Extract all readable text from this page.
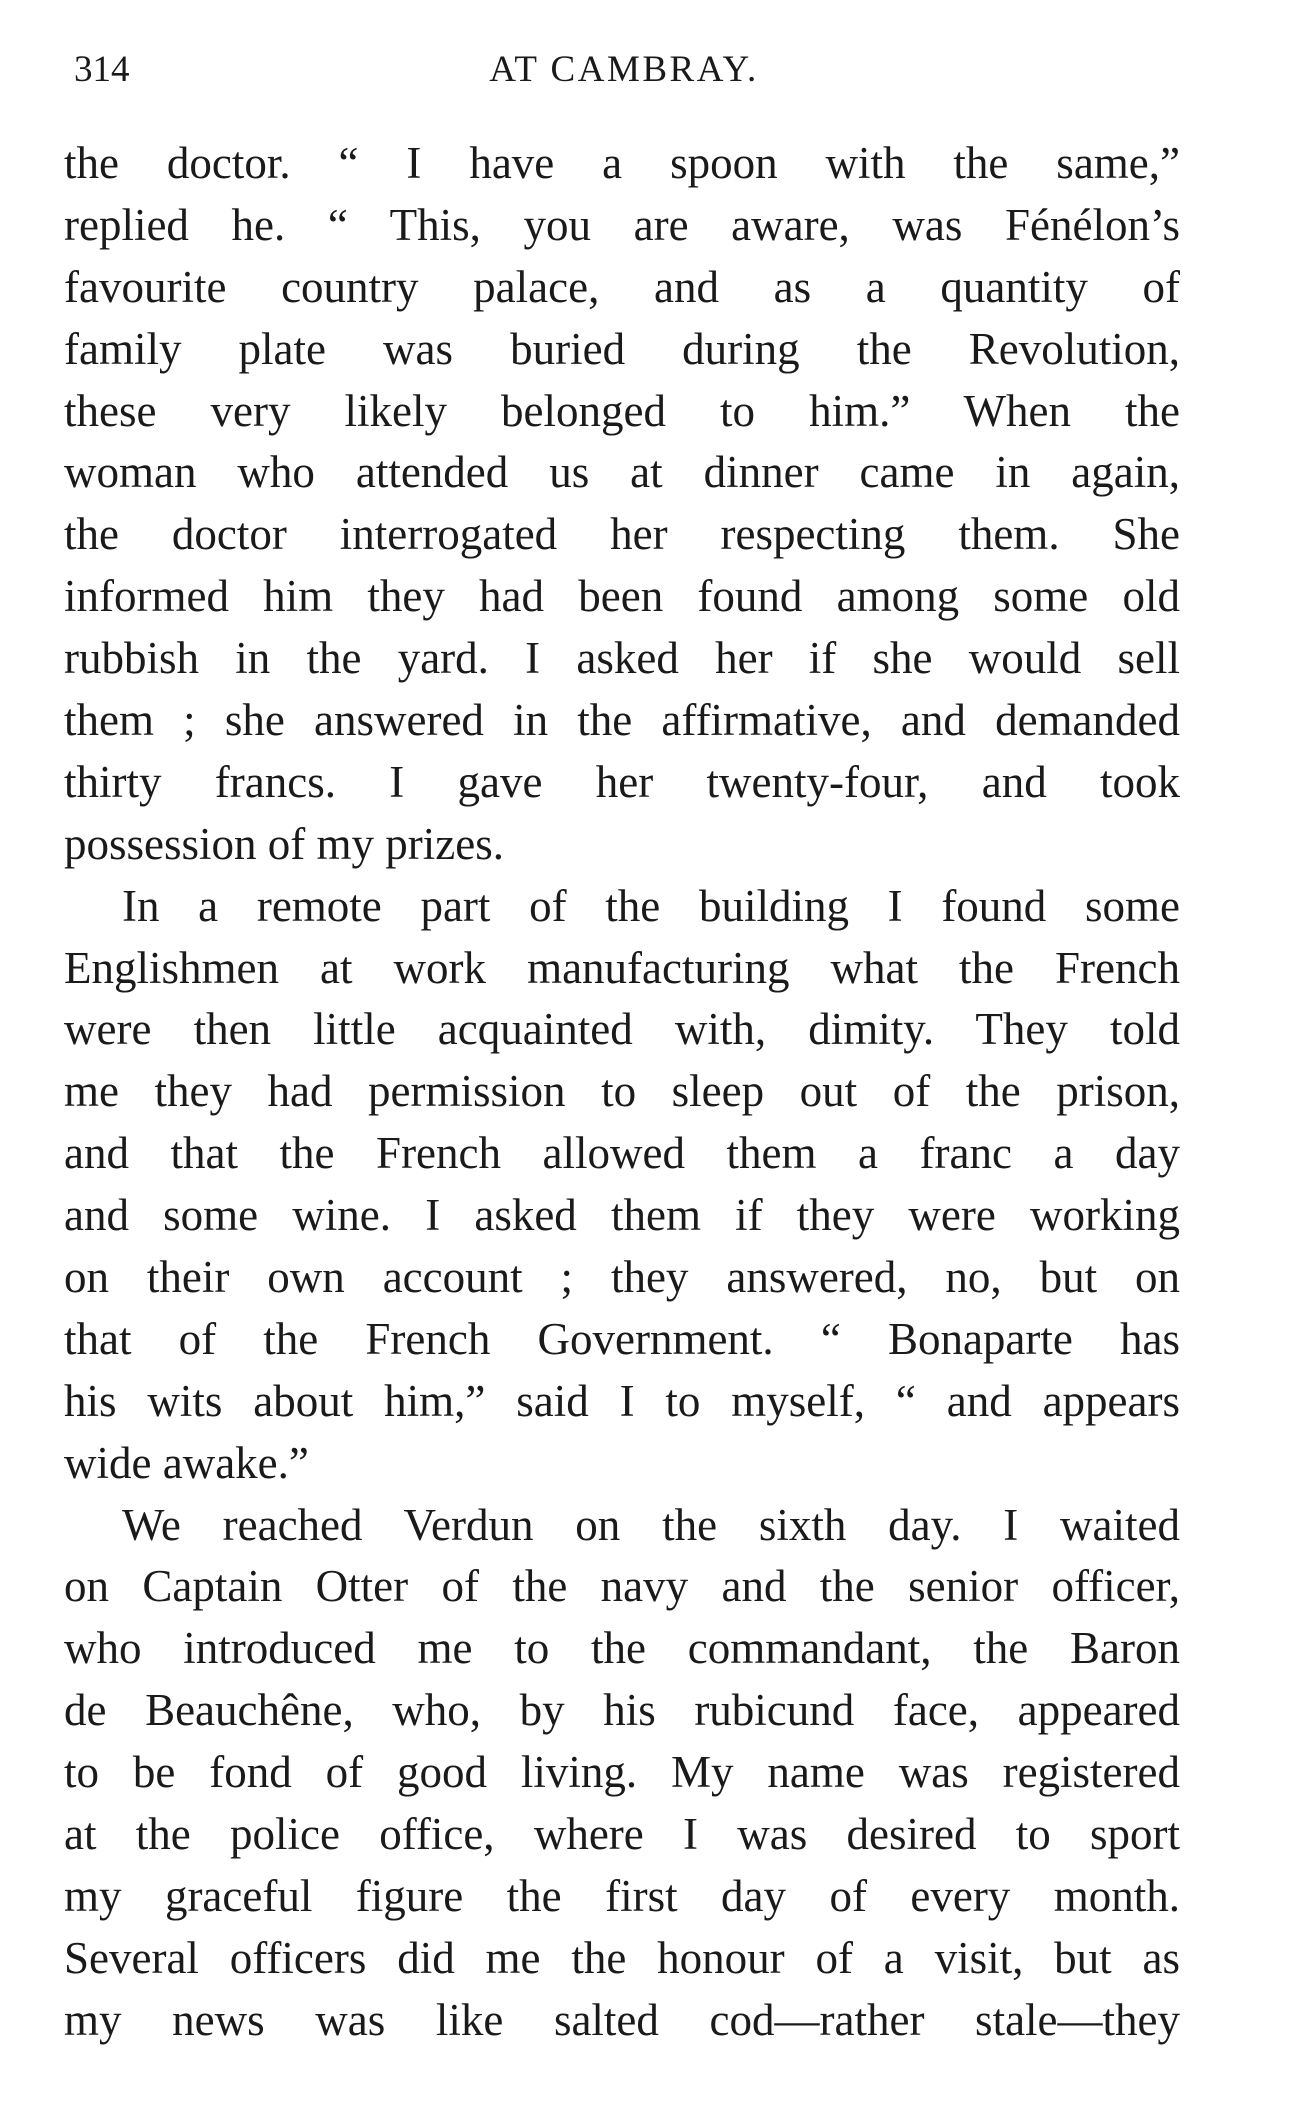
314	AT CAMBRAY.
the doctor. “ I have a spoon with the same,”
replied he. “ This, you are aware, was Fénélon’s
favourite country palace, and as a quantity of
family plate was buried during the Revolution,
these very likely belonged to him.” When the
woman who attended us at dinner came in again,
the doctor interrogated her respecting them. She
informed him they had been found among some old
rubbish in the yard. I asked her if she would sell
them ; she answered in the affirmative, and demanded
thirty francs. I gave her twenty-four, and took
possession of my prizes.
In a remote part of the building I found some
Englishmen at work manufacturing what the French
were then little acquainted with, dimity. They told
me they had permission to sleep out of the prison,
and that the French allowed them a franc a day
and some wine. I asked them if they were working
on their own account ; they answered, no, but on
that of the French Government. “ Bonaparte has
his wits about him,” said I to myself, “ and appears
wide awake.”
We reached Verdun on the sixth day. I waited
on Captain Otter of the navy and the senior officer,
who introduced me to the commandant, the Baron
de Beauchêne, who, by his rubicund face, appeared
to be fond of good living. My name was registered
at the police office, where I was desired to sport
my graceful figure the first day of every month.
Several officers did me the honour of a visit, but as
my news was like salted cod—rather stale—they
